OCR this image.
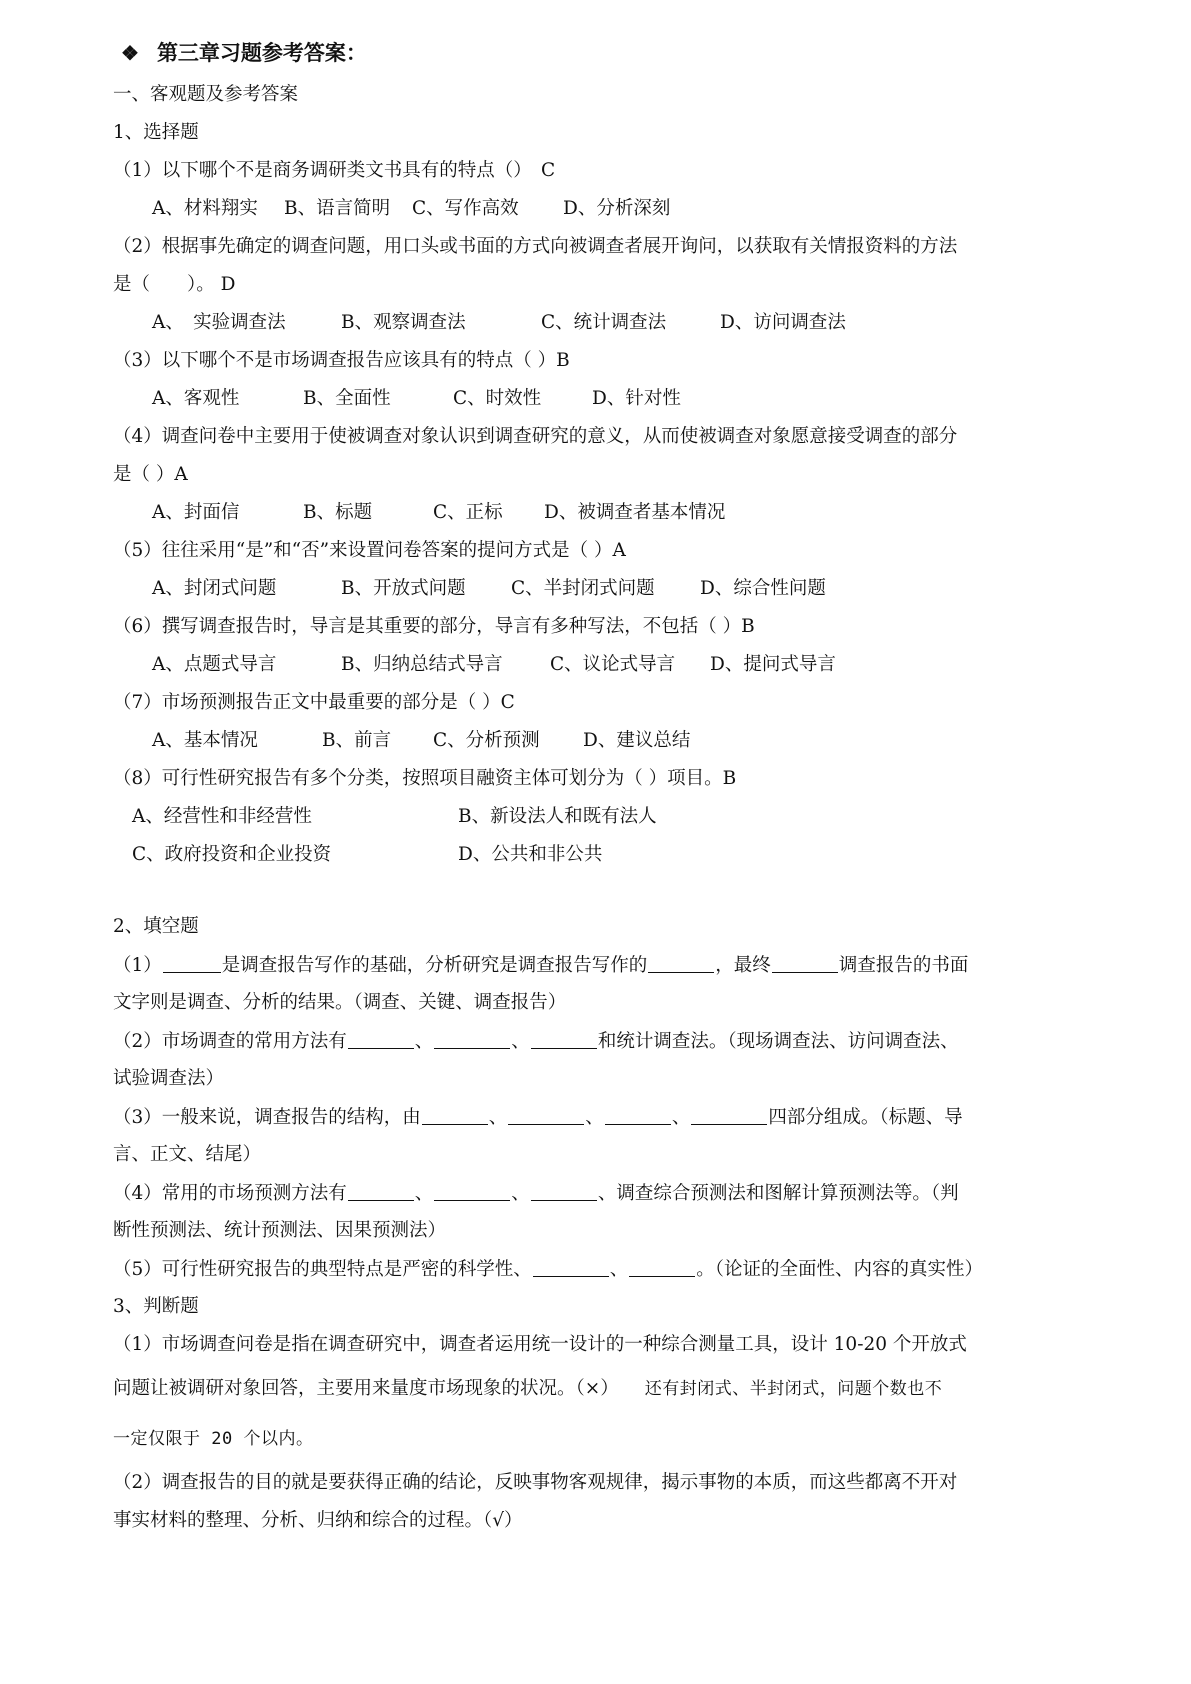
❖ 第三章习题参考答案：
一、客观题及参考答案
1、选择题
（1）以下哪个不是商务调研类文书具有的特点（）　C
A、材料翔实 B、语言简明 C、写作高效 D、分析深刻
（2）根据事先确定的调查问题，用口头或书面的方式向被调查者展开询问，以获取有关情报资料的方法
是（　　）。 D
A、　实验调查法	B、观察调查法	C、统计调查法	D、访问调查法
（3）以下哪个不是市场调查报告应该具有的特点（ ）B
A、客观性	B、全面性	C、时效性	D、针对性
（4）调查问卷中主要用于使被调查对象认识到调查研究的意义，从而使被调查对象愿意接受调查的部分
是（ ）A
A、封面信	B、标题	C、正标 D、被调查者基本情况
（5）往往采用“是”和“否”来设置问卷答案的提问方式是（ ）A
A、封闭式问题	B、开放式问题 C、半封闭式问题 D、综合性问题
（6）撰写调查报告时，导言是其重要的部分，导言有多种写法，不包括（ ）B
A、点题式导言	B、归纳总结式导言	C、议论式导言 D、提问式导言
（7）市场预测报告正文中最重要的部分是（ ）C
A、基本情况	B、前言 C、分析预测 D、建议总结
（8）可行性研究报告有多个分类，按照项目融资主体可划分为（ ）项目。B
A、经营性和非经营性	B、新设法人和既有法人
C、政府投资和企业投资	D、公共和非公共
2、填空题
（1）	是调查报告写作的基础，分析研究是调查报告写作的	，最终	调查报告的书面
文字则是调查、分析的结果。（调查、关键、调查报告）
（2）市场调查的常用方法有	、	、	和统计调查法。（现场调查法、访问调查法、
试验调查法）
（3）一般来说，调查报告的结构，由	、	、	、	四部分组成。（标题、导
言、正文、结尾）
（4）常用的市场预测方法有	、	、	、调查综合预测法和图解计算预测法等。（判
断性预测法、统计预测法、因果预测法）
（5）可行性研究报告的典型特点是严密的科学性、	、	。（论证的全面性、内容的真实性）
3、判断题
（1）市场调查问卷是指在调查研究中，调查者运用统一设计的一种综合测量工具，设计 10-20 个开放式
问题让被调研对象回答，主要用来量度市场现象的状况。（×） 还有封闭式、半封闭式，问题个数也不
一定仅限于 20 个以内。
（2）调查报告的目的就是要获得正确的结论，反映事物客观规律，揭示事物的本质，而这些都离不开对
事实材料的整理、分析、归纳和综合的过程。（√）
